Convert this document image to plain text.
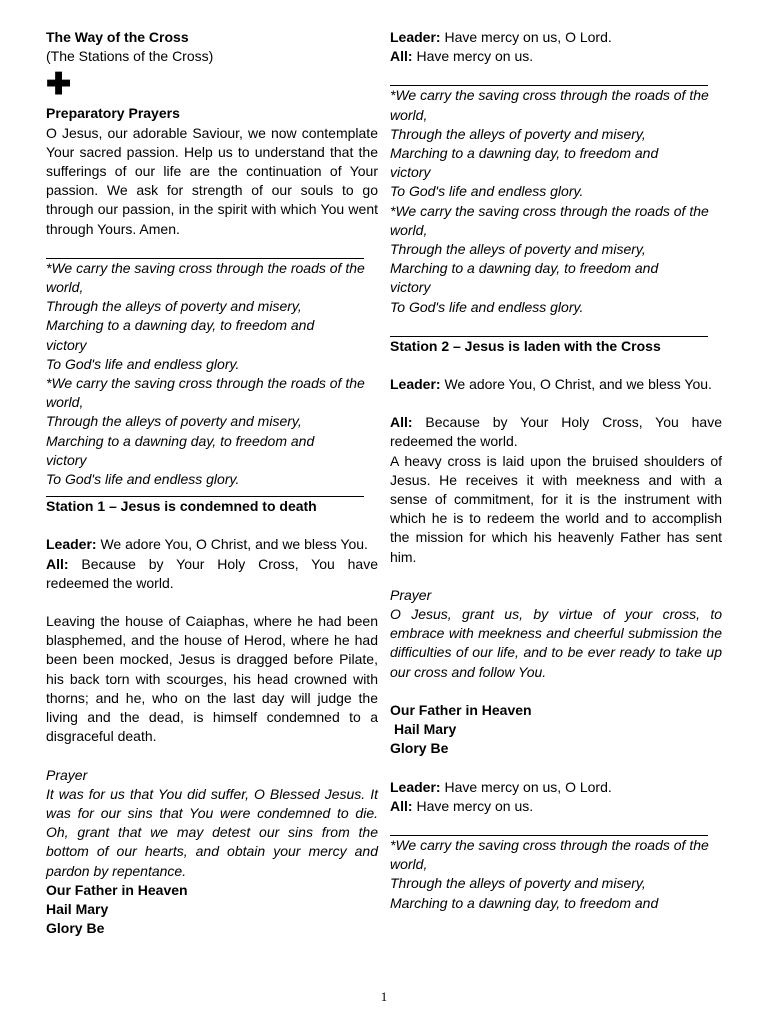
The Way of the Cross
(The Stations of the Cross)
✚
Preparatory Prayers
O Jesus, our adorable Saviour, we now contemplate Your sacred passion. Help us to understand that the sufferings of our life are the continuation of Your passion. We ask for strength of our souls to go through our passion, in the spirit with which You went through Yours. Amen.
*We carry the saving cross through the roads of the world,
Through the alleys of poverty and misery,
Marching to a dawning day, to freedom and victory
To God's life and endless glory.
*We carry the saving cross through the roads of the world,
Through the alleys of poverty and misery,
Marching to a dawning day, to freedom and victory
To God's life and endless glory.
Station 1 – Jesus is condemned to death
Leader: We adore You, O Christ, and we bless You.
All: Because by Your Holy Cross, You have redeemed the world.
Leaving the house of Caiaphas, where he had been blasphemed, and the house of Herod, where he had been been mocked, Jesus is dragged before Pilate, his back torn with scourges, his head crowned with thorns; and he, who on the last day will judge the living and the dead, is himself condemned to a disgraceful death.
Prayer
It was for us that You did suffer, O Blessed Jesus. It was for our sins that You were condemned to die. Oh, grant that we may detest our sins from the bottom of our hearts, and obtain your mercy and pardon by repentance.
Our Father in Heaven
Hail Mary
Glory Be
Leader: Have mercy on us, O Lord.
All: Have mercy on us.
*We carry the saving cross through the roads of the world,
Through the alleys of poverty and misery,
Marching to a dawning day, to freedom and victory
To God's life and endless glory.
*We carry the saving cross through the roads of the world,
Through the alleys of poverty and misery,
Marching to a dawning day, to freedom and victory
To God's life and endless glory.
Station 2 – Jesus is laden with the Cross
Leader: We adore You, O Christ, and we bless You.
All: Because by Your Holy Cross, You have redeemed the world.
A heavy cross is laid upon the bruised shoulders of Jesus. He receives it with meekness and with a sense of commitment, for it is the instrument with which he is to redeem the world and to accomplish the mission for which his heavenly Father has sent him.
Prayer
O Jesus, grant us, by virtue of your cross, to embrace with meekness and cheerful submission the difficulties of our life, and to be ever ready to take up our cross and follow You.
Our Father in Heaven
Hail Mary
Glory Be
Leader: Have mercy on us, O Lord.
All: Have mercy on us.
*We carry the saving cross through the roads of the world,
Through the alleys of poverty and misery,
Marching to a dawning day, to freedom and
1
